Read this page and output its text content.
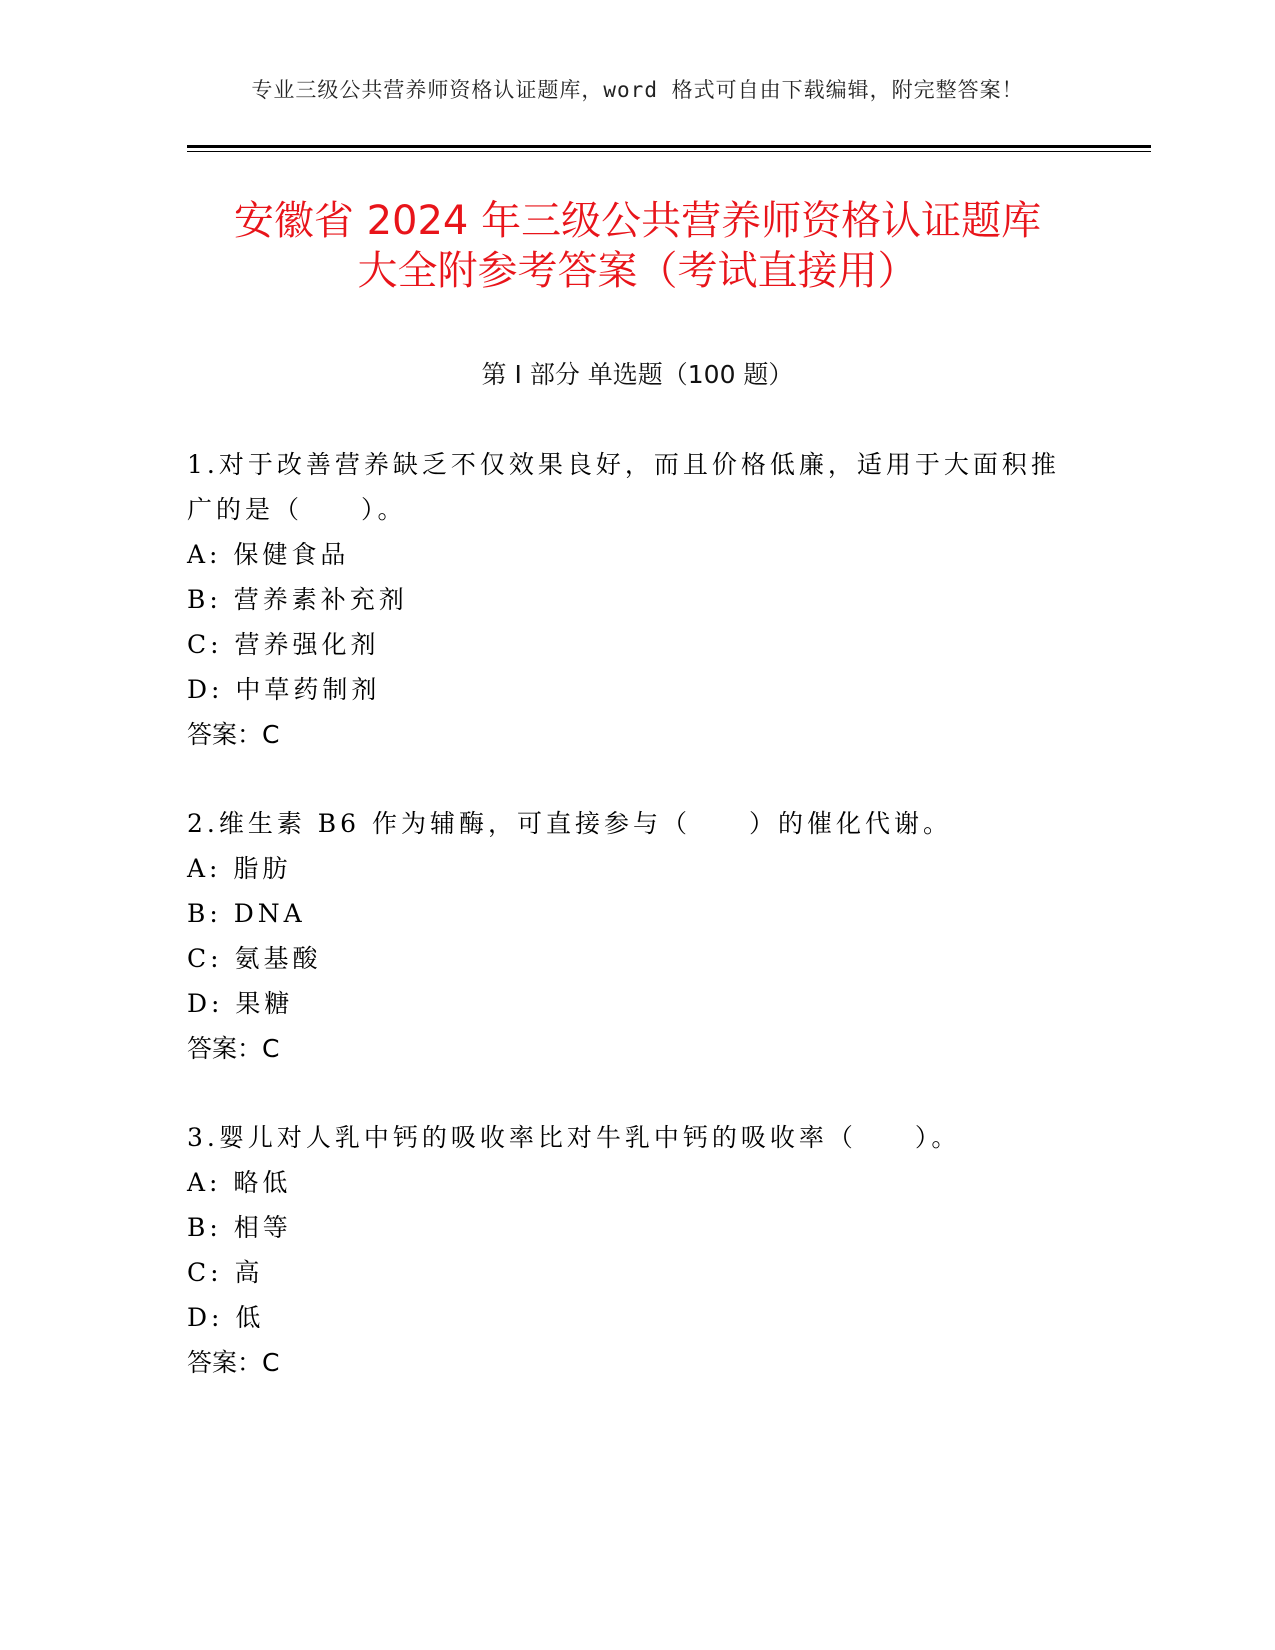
专业三级公共营养师资格认证题库，word 格式可自由下载编辑，附完整答案！
安徽省 2024 年三级公共营养师资格认证题库
大全附参考答案（考试直接用）
第 I 部分 单选题（100 题）
1.对于改善营养缺乏不仅效果良好，而且价格低廉，适用于大面积推广的是（　　）。
A: 保健食品
B: 营养素补充剂
C: 营养强化剂
D: 中草药制剂
答案：C
2.维生素 B6 作为辅酶，可直接参与（　　）的催化代谢。
A: 脂肪
B: DNA
C: 氨基酸
D: 果糖
答案：C
3.婴儿对人乳中钙的吸收率比对牛乳中钙的吸收率（　　）。
A: 略低
B: 相等
C: 高
D: 低
答案：C
